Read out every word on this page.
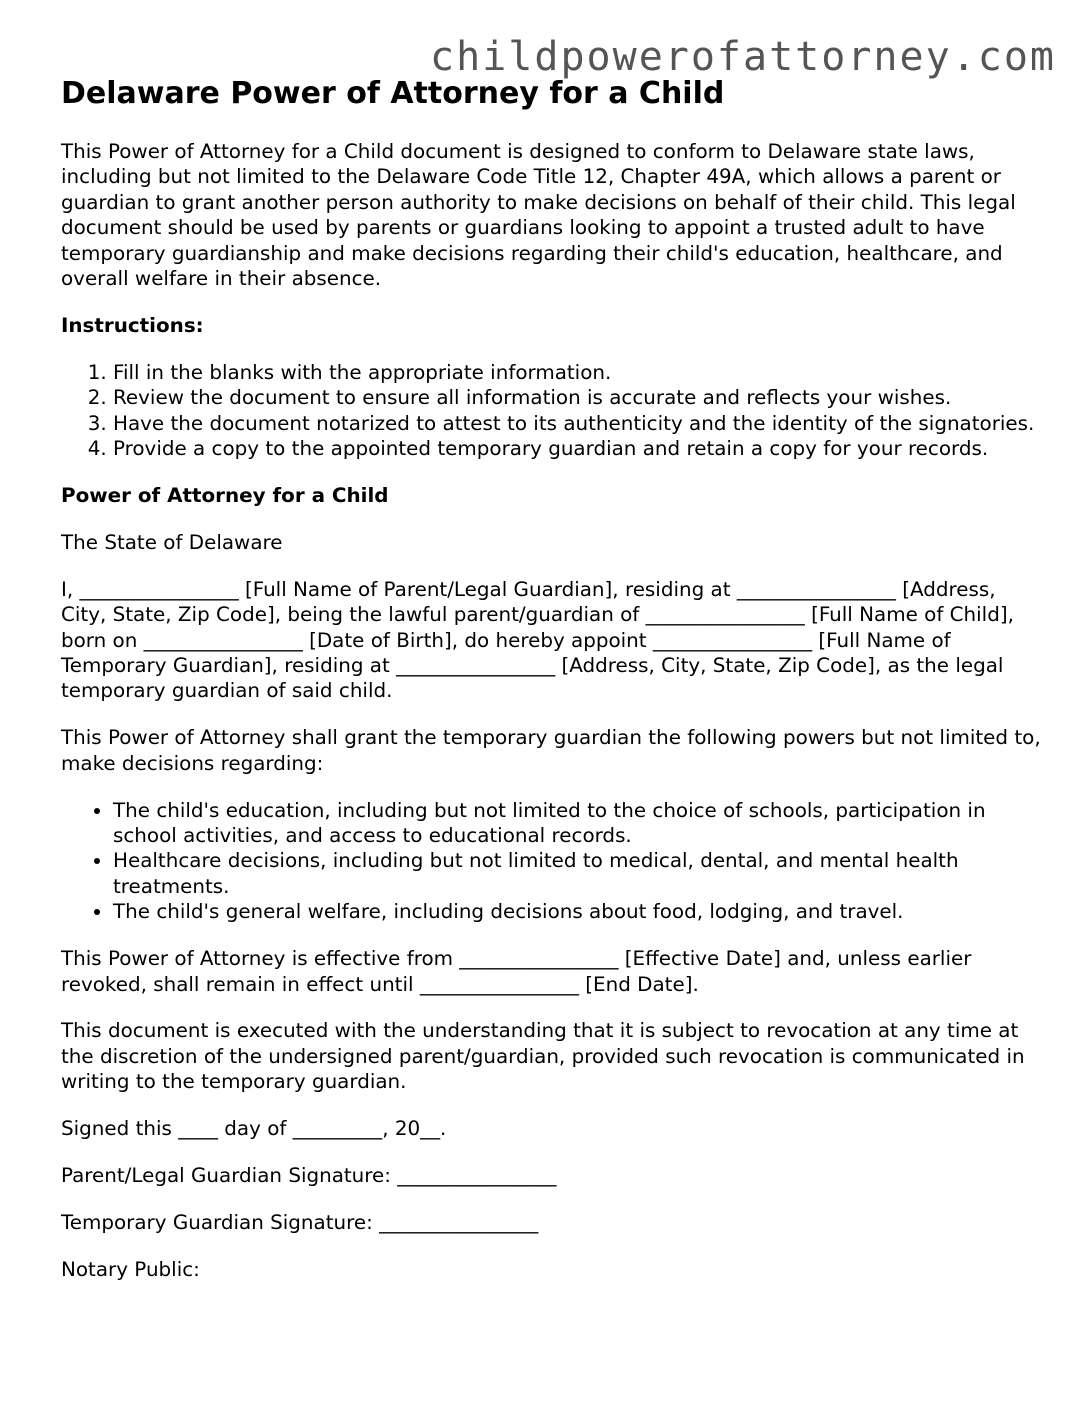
childpowerofattorney.com
Delaware Power of Attorney for a Child

This Power of Attorney for a Child document is designed to conform to Delaware state laws, including but not limited to the Delaware Code Title 12, Chapter 49A, which allows a parent or guardian to grant another person authority to make decisions on behalf of their child. This legal document should be used by parents or guardians looking to appoint a trusted adult to have temporary guardianship and make decisions regarding their child's education, healthcare, and overall welfare in their absence.

Instructions:

1. Fill in the blanks with the appropriate information.
2. Review the document to ensure all information is accurate and reflects your wishes.
3. Have the document notarized to attest to its authenticity and the identity of the signatories.
4. Provide a copy to the appointed temporary guardian and retain a copy for your records.

Power of Attorney for a Child

The State of Delaware

I, ________________ [Full Name of Parent/Legal Guardian], residing at ________________ [Address, City, State, Zip Code], being the lawful parent/guardian of ________________ [Full Name of Child], born on ________________ [Date of Birth], do hereby appoint ________________ [Full Name of Temporary Guardian], residing at ________________ [Address, City, State, Zip Code], as the legal temporary guardian of said child.

This Power of Attorney shall grant the temporary guardian the following powers but not limited to, make decisions regarding:

• The child's education, including but not limited to the choice of schools, participation in school activities, and access to educational records.
• Healthcare decisions, including but not limited to medical, dental, and mental health treatments.
• The child's general welfare, including decisions about food, lodging, and travel.

This Power of Attorney is effective from ________________ [Effective Date] and, unless earlier revoked, shall remain in effect until ________________ [End Date].

This document is executed with the understanding that it is subject to revocation at any time at the discretion of the undersigned parent/guardian, provided such revocation is communicated in writing to the temporary guardian.

Signed this ____ day of _________, 20__.

Parent/Legal Guardian Signature: ________________

Temporary Guardian Signature: ________________

Notary Public:
